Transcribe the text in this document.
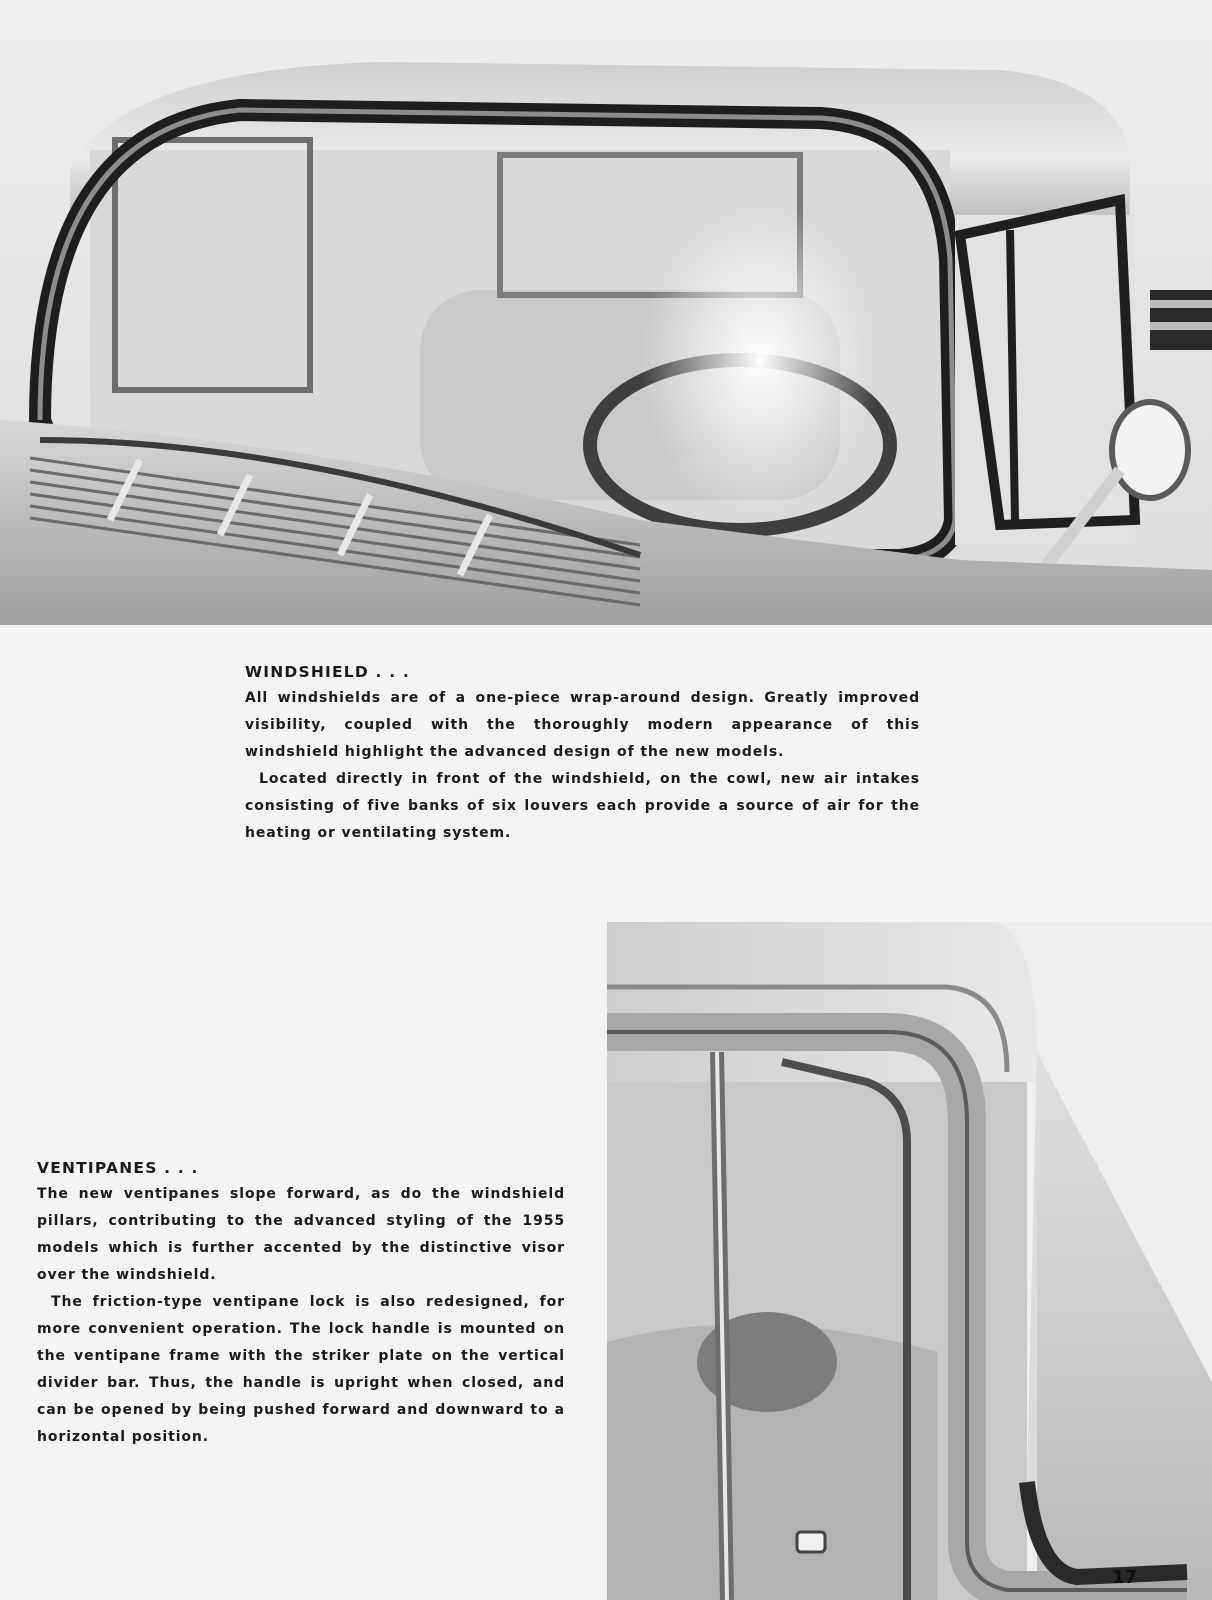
WINDSHIELD . . .

All windshields are of a one-piece wrap-around design. Greatly improved visibility, coupled with the thoroughly modern appearance of this windshield highlight the advanced design of the new models.

Located directly in front of the windshield, on the cowl, new air intakes consisting of five banks of six louvers each provide a source of air for the heating or ventilating system.

VENTIPANES . . .

The new ventipanes slope forward, as do the windshield pillars, contributing to the advanced styling of the 1955 models which is further accented by the distinctive visor over the windshield.

The friction-type ventipane lock is also redesigned, for more convenient operation. The lock handle is mounted on the ventipane frame with the striker plate on the vertical divider bar. Thus, the handle is upright when closed, and can be opened by being pushed forward and downward to a horizontal position.

17
